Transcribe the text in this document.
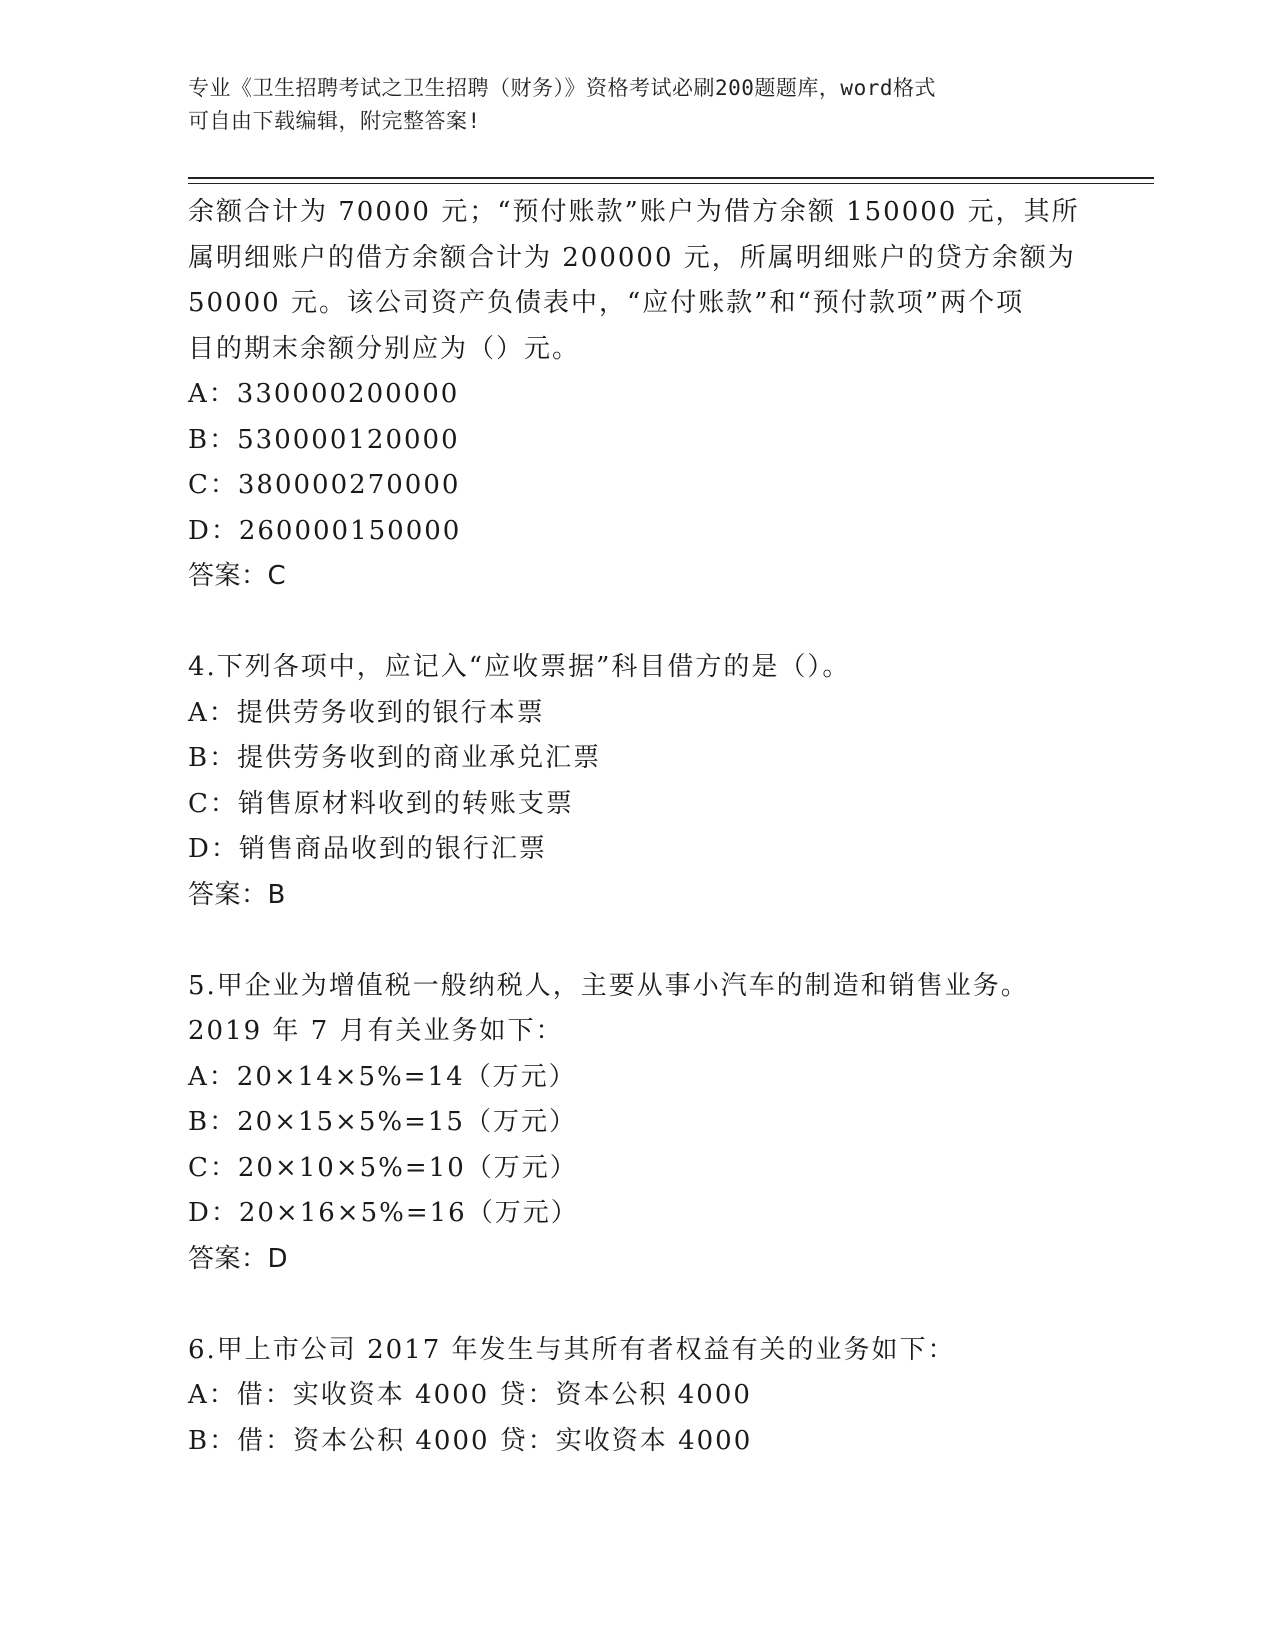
专业《卫生招聘考试之卫生招聘（财务）》资格考试必刷200题题库，word格式
可自由下载编辑，附完整答案!
余额合计为 70000 元；“预付账款”账户为借方余额 150000 元，其所
属明细账户的借方余额合计为 200000 元，所属明细账户的贷方余额为
50000 元。该公司资产负债表中，“应付账款”和“预付款项”两个项
目的期末余额分别应为（）元。
A：330000200000
B：530000120000
C：380000270000
D：260000150000
答案：C
4.下列各项中，应记入“应收票据”科目借方的是（）。
A：提供劳务收到的银行本票
B：提供劳务收到的商业承兑汇票
C：销售原材料收到的转账支票
D：销售商品收到的银行汇票
答案：B
5.甲企业为增值税一般纳税人，主要从事小汽车的制造和销售业务。
2019 年 7 月有关业务如下：
A：20×14×5%=14（万元）
B：20×15×5%=15（万元）
C：20×10×5%=10（万元）
D：20×16×5%=16（万元）
答案：D
6.甲上市公司 2017 年发生与其所有者权益有关的业务如下：
A：借：实收资本 4000 贷：资本公积 4000
B：借：资本公积 4000 贷：实收资本 4000
